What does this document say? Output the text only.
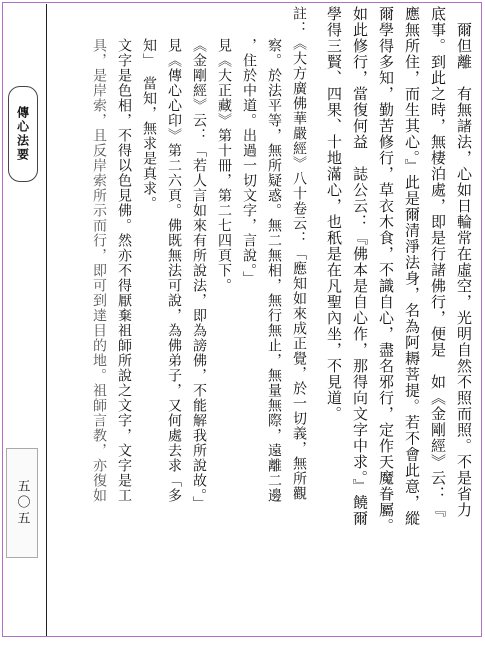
傳心法要
五〇五	爾但離　有無諸法，心如日輪常在虛空，光明自然不照而照。不是省力
底事。到此之時，無棲泊處，即是行諸佛行，便是　如《金剛經》云：『
應無所住，而生其心。』此是爾清淨法身，名為阿耨菩提。若不會此意，縱
爾學得多知，勤苦修行，草衣木食，不識自心，盡名邪行，定作天魔眷屬。
如此修行，當復何益　誌公云：『佛本是自心作，那得向文字中求。』饒爾
學得三賢、四果、十地滿心，也秖是在凡聖內坐，不見道。
註：《大方廣佛華嚴經》八十卷云：「應知如來成正覺，於一切義，無所觀
察。於法平等，無所疑惑。無二無相，無行無止，無量無際，遠離二邊
，住於中道。出過一切文字，言說。」
見《大正藏》第十冊，第二七四頁下。
《金剛經》云：「若人言如來有所說法，即為謗佛，不能解我所說故。」
見《傳心心印》第二六頁。佛既無法可說，為佛弟子，又何處去求「多
知」　當知，無求是真求。
文字是色相，不得以色見佛。然亦不得厭棄祖師所說之文字，文字是工
具，是岸索，且反岸索所示而行，即可到達目的地。祖師言教，亦復如
